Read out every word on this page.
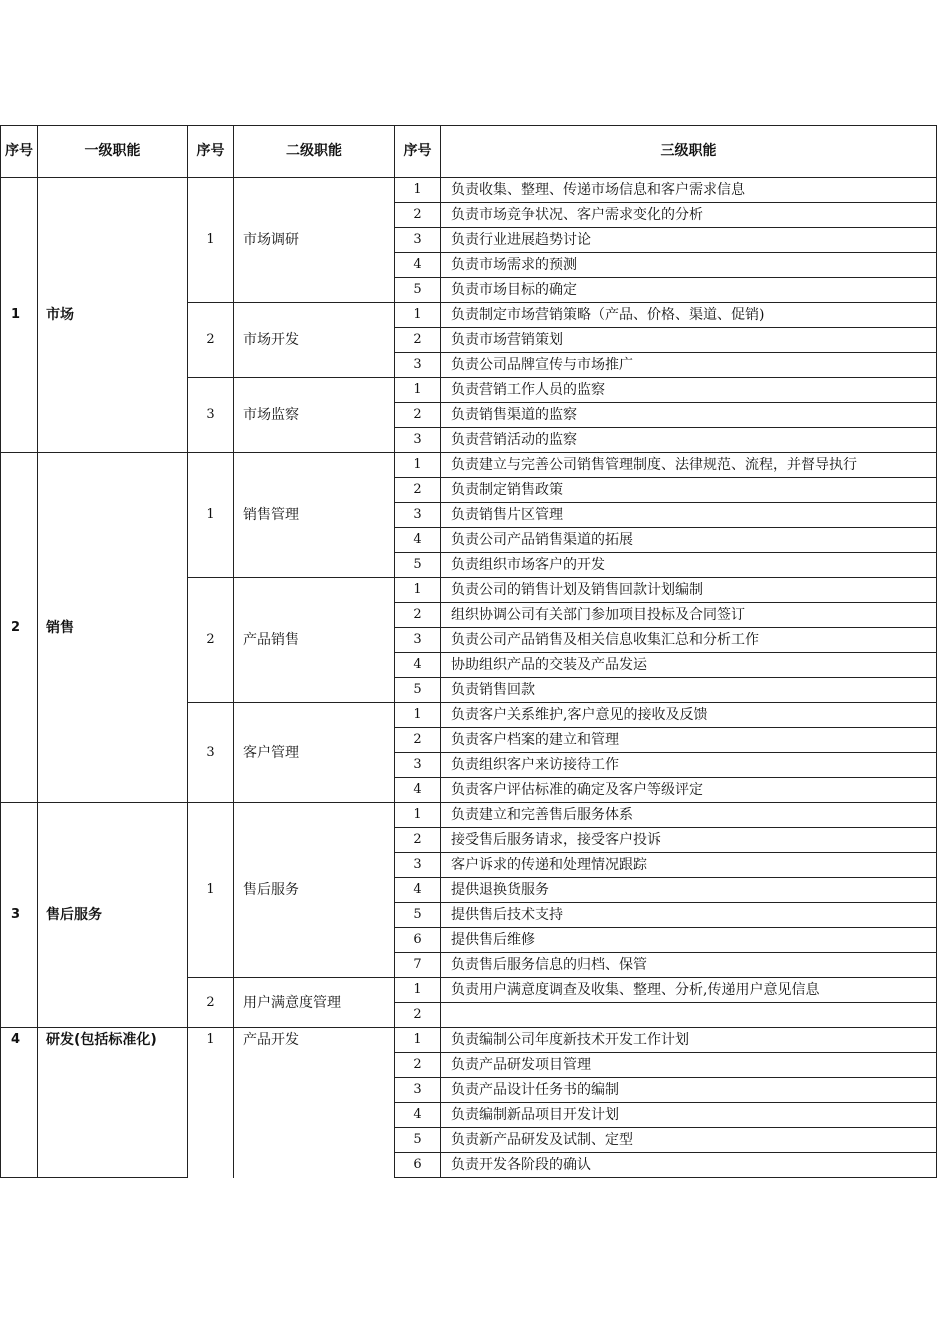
序号	一级职能	序号	二级职能	序号	三级职能
1	市场	1	市场调研	1	负责收集、整理、传递市场信息和客户需求信息
				2	负责市场竞争状况、客户需求变化的分析
				3	负责行业进展趋势讨论
				4	负责市场需求的预测
				5	负责市场目标的确定
		2	市场开发	1	负责制定市场营销策略（产品、价格、渠道、促销)
				2	负责市场营销策划
				3	负责公司品牌宣传与市场推广
		3	市场监察	1	负责营销工作人员的监察
				2	负责销售渠道的监察
				3	负责营销活动的监察
2	销售	1	销售管理	1	负责建立与完善公司销售管理制度、法律规范、流程，并督导执行
				2	负责制定销售政策
				3	负责销售片区管理
				4	负责公司产品销售渠道的拓展
				5	负责组织市场客户的开发
		2	产品销售	1	负责公司的销售计划及销售回款计划编制
				2	组织协调公司有关部门参加项目投标及合同签订
				3	负责公司产品销售及相关信息收集汇总和分析工作
				4	协助组织产品的交装及产品发运
				5	负责销售回款
		3	客户管理	1	负责客户关系维护,客户意见的接收及反馈
				2	负责客户档案的建立和管理
				3	负责组织客户来访接待工作
				4	负责客户评估标准的确定及客户等级评定
3	售后服务	1	售后服务	1	负责建立和完善售后服务体系
				2	接受售后服务请求，接受客户投诉
				3	客户诉求的传递和处理情况跟踪
				4	提供退换货服务
				5	提供售后技术支持
				6	提供售后维修
				7	负责售后服务信息的归档、保管
		2	用户满意度管理	1	负责用户满意度调查及收集、整理、分析,传递用户意见信息
				2	
4	研发(包括标准化)	1	产品开发	1	负责编制公司年度新技术开发工作计划
				2	负责产品研发项目管理
				3	负责产品设计任务书的编制
				4	负责编制新品项目开发计划
				5	负责新产品研发及试制、定型
				6	负责开发各阶段的确认
